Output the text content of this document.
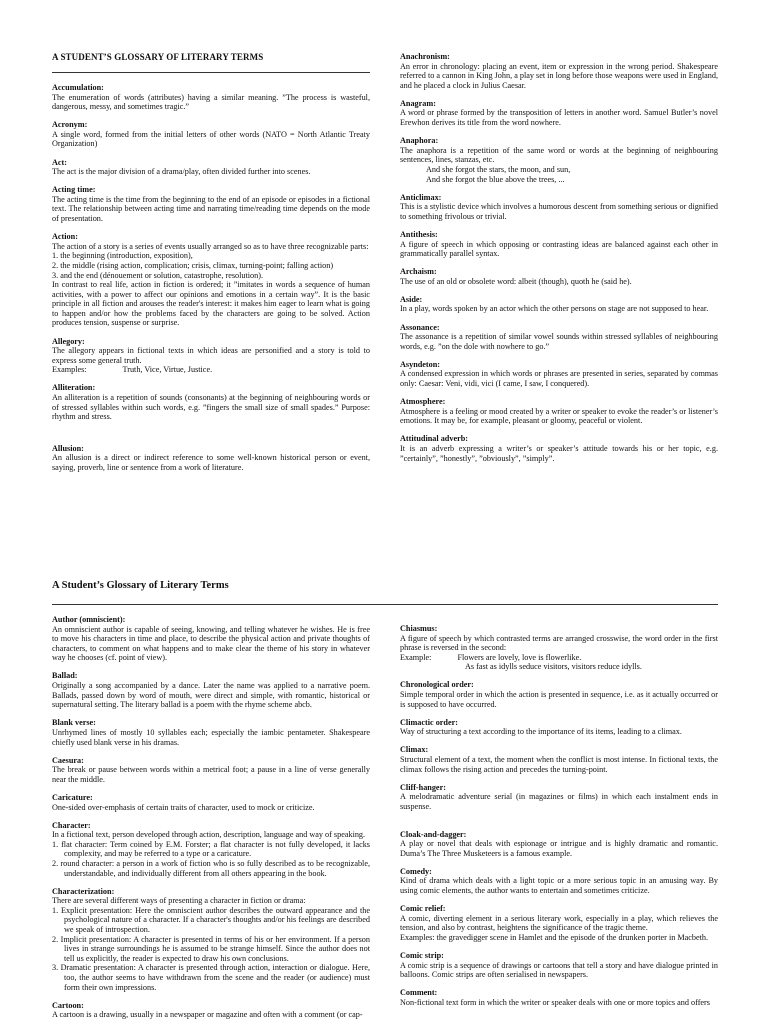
A STUDENT’S GLOSSARY OF LITERARY TERMS
Accumulation:
The enumeration of words (attributes) having a similar meaning. ”The process is wasteful, dangerous, messy, and sometimes tragic.”
Acronym:
A single word, formed from the initial letters of other words (NATO = North Atlantic Treaty Organization)
Act:
The act is the major division of a drama/play, often divided further into scenes.
Acting time:
The acting time is the time from the beginning to the end of an episode or episodes in a fictional text. The relationship between acting time and narrating time/reading time depends on the mode of presentation.
Action:
The action of a story is a series of events usually arranged so as to have three recognizable parts:
1. the beginning (introduction, exposition),
2. the middle (rising action, complication; crisis, climax, turning-point; falling action)
3. and the end (dénouement or solution, catastrophe, resolution).
In contrast to real life, action in fiction is ordered; it ”imitates in words a sequence of human activities, with a power to affect our opinions and emotions in a certain way”. It is the basic principle in all fiction and arouses the reader's interest: it makes him eager to learn what is going to happen and/or how the problems faced by the characters are going to be solved. Action produces tension, suspense or surprise.
Allegory:
The allegory appears in fictional texts in which ideas are personified and a story is told to express some general truth.
Examples:	Truth, Vice, Virtue, Justice.
Alliteration:
An alliteration is a repetition of sounds (consonants) at the beginning of neighbouring words or of stressed syllables within such words, e.g. ”fingers the small size of small spades.” Purpose: rhythm and stress.
Allusion:
An allusion is a direct or indirect reference to some well-known historical person or event, saying, proverb, line or sentence from a work of literature.
Anachronism:
An error in chronology: placing an event, item or expression in the wrong period. Shakespeare referred to a cannon in King John, a play set in long before those weapons were used in England, and he placed a clock in Julius Caesar.
Anagram:
A word or phrase formed by the transposition of letters in another word. Samuel Butler’s novel Erewhon derives its title from the word nowhere.
Anaphora:
The anaphora is a repetition of the same word or words at the beginning of neighbouring sentences, lines, stanzas, etc.
And she forgot the stars, the moon, and sun,
And she forgot the blue above the trees, ...
Anticlimax:
This is a stylistic device which involves a humorous descent from something serious or dignified to something frivolous or trivial.
Antithesis:
A figure of speech in which opposing or contrasting ideas are balanced against each other in grammatically parallel syntax.
Archaism:
The use of an old or obsolete word: albeit (though), quoth he (said he).
Aside:
In a play, words spoken by an actor which the other persons on stage are not supposed to hear.
Assonance:
The assonance is a repetition of similar vowel sounds within stressed syllables of neighbouring words, e.g. ”on the dole with nowhere to go.”
Asyndeton:
A condensed expression in which words or phrases are presented in series, separated by commas only: Caesar: Veni, vidi, vici (I came, I saw, I conquered).
Atmosphere:
Atmosphere is a feeling or mood created by a writer or speaker to evoke the reader’s or listener’s emotions. It may be, for example, pleasant or gloomy, peaceful or violent.
Attitudinal adverb:
It is an adverb expressing a writer’s or speaker’s attitude towards his or her topic, e.g. ”certainly”, ”honestly”, ”obviously”, ”simply”.
A Student’s Glossary of Literary Terms
Author (omniscient):
An omniscient author is capable of seeing, knowing, and telling whatever he wishes. He is free to move his characters in time and place, to describe the physical action and private thoughts of characters, to comment on what happens and to make clear the theme of his story in whatever way he chooses (cf. point of view).
Ballad:
Originally a song accompanied by a dance. Later the name was applied to a narrative poem. Ballads, passed down by word of mouth, were direct and simple, with romantic, historical or supernatural setting. The literary ballad is a poem with the rhyme scheme abcb.
Blank verse:
Unrhymed lines of mostly 10 syllables each; especially the iambic pentameter. Shakespeare chiefly used blank verse in his dramas.
Caesura:
The break or pause between words within a metrical foot; a pause in a line of verse generally near the middle.
Caricature:
One-sided over-emphasis of certain traits of character, used to mock or criticize.
Character:
In a fictional text, person developed through action, description, language and way of speaking.
1. flat character: Term coined by E.M. Forster; a flat character is not fully developed, it lacks complexity, and may be referred to a type or a caricature.
2. round character: a person in a work of fiction who is so fully described as to be recognizable, understandable, and individually different from all others appearing in the book.
Characterization:
There are several different ways of presenting a character in fiction or drama:
1. Explicit presentation: Here the omniscient author describes the outward appearance and the psychological nature of a character. If a character's thoughts and/or his feelings are described we speak of introspection.
2. Implicit presentation: A character is presented in terms of his or her environment. If a person lives in strange surroundings he is assumed to be strange himself. Since the author does not tell us explicitly, the reader is expected to draw his own conclusions.
3. Dramatic presentation: A character is presented through action, interaction or dialogue. Here, too, the author seems to have withdrawn from the scene and the reader (or audience) must form their own impressions.
Cartoon:
A cartoon is a drawing, usually in a newspaper or magazine and often with a comment (or cap-
Chiasmus:
A figure of speech by which contrasted terms are arranged crosswise, the word order in the first phrase is reversed in the second:
Example:	Flowers are lovely, love is flowerlike.
As fast as idylls seduce visitors, visitors reduce idylls.
Chronological order:
Simple temporal order in which the action is presented in sequence, i.e. as it actually occurred or is supposed to have occurred.
Climactic order:
Way of structuring a text according to the importance of its items, leading to a climax.
Climax:
Structural element of a text, the moment when the conflict is most intense. In fictional texts, the climax follows the rising action and precedes the turning-point.
Cliff-hanger:
A melodramatic adventure serial (in magazines or films) in which each instalment ends in suspense.
Cloak-and-dagger:
A play or novel that deals with espionage or intrigue and is highly dramatic and romantic. Duma’s The Three Musketeers is a famous example.
Comedy:
Kind of drama which deals with a light topic or a more serious topic in an amusing way. By using comic elements, the author wants to entertain and sometimes criticize.
Comic relief:
A comic, diverting element in a serious literary work, especially in a play, which relieves the tension, and also by contrast, heightens the significance of the tragic theme.
Examples: the gravedigger scene in Hamlet and the episode of the drunken porter in Macbeth.
Comic strip:
A comic strip is a sequence of drawings or cartoons that tell a story and have dialogue printed in balloons. Comic strips are often serialised in newspapers.
Comment:
Non-fictional text form in which the writer or speaker deals with one or more topics and offers
